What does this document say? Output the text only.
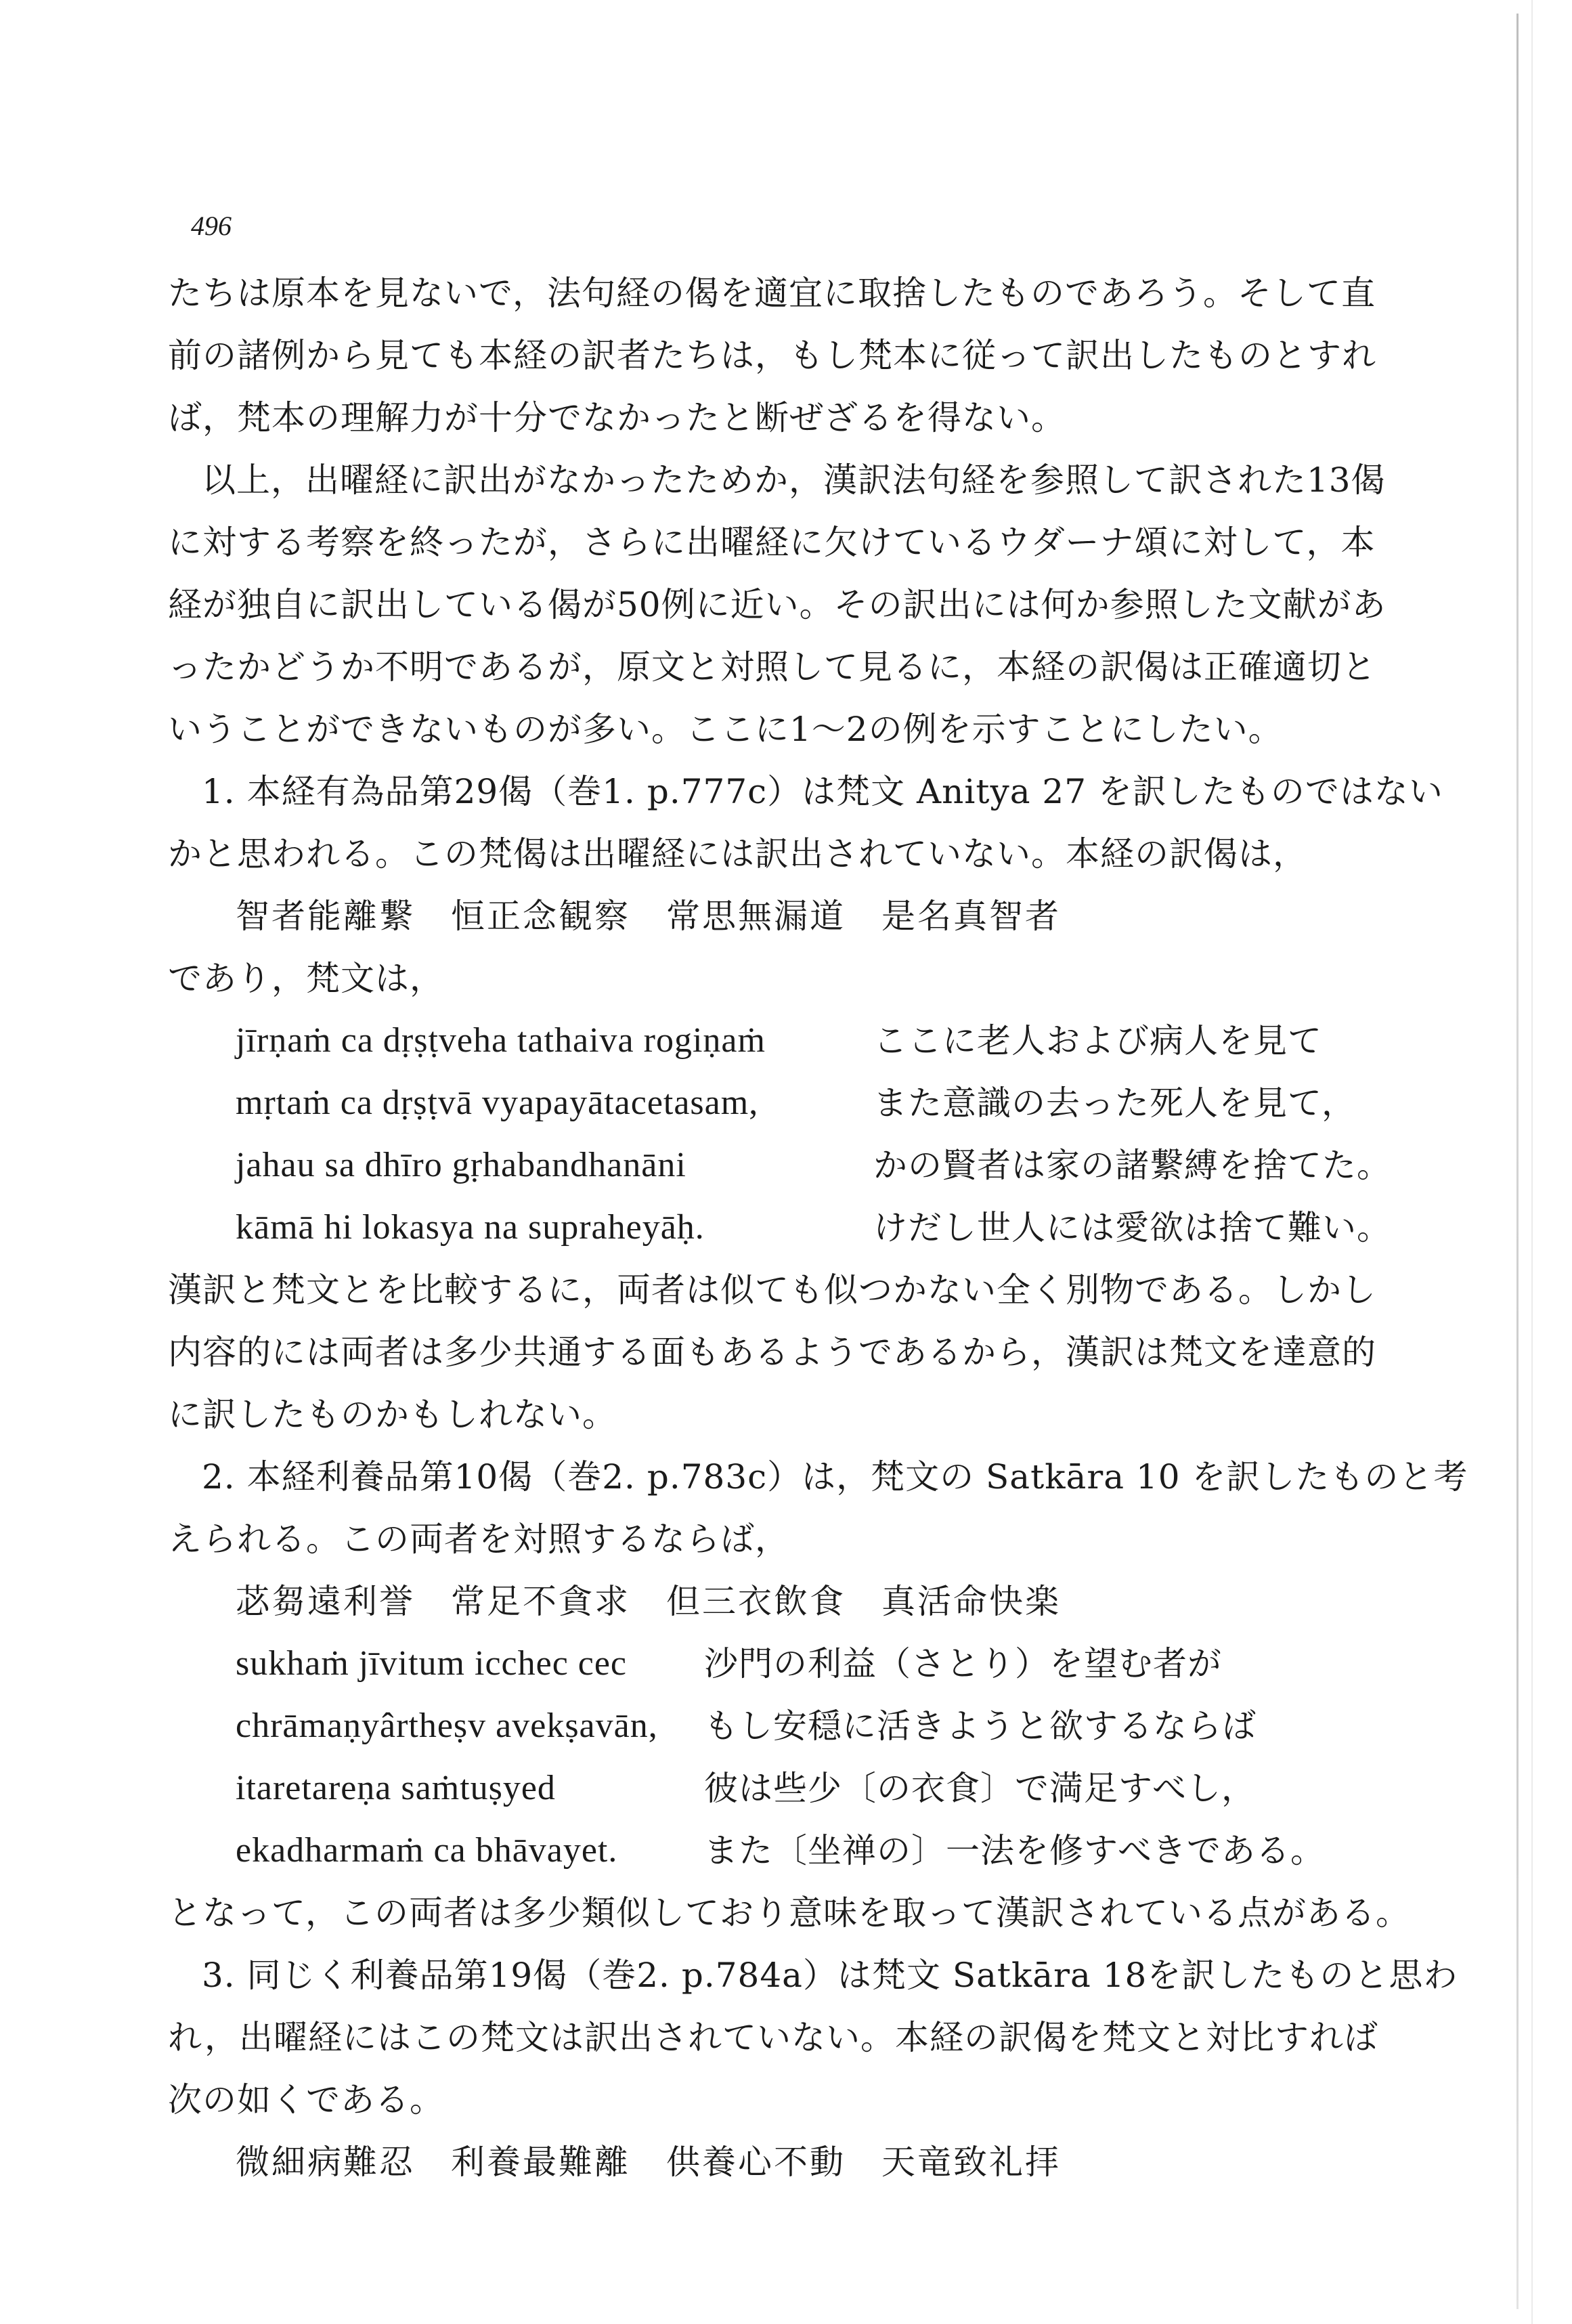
496
たちは原本を見ないで，法句経の偈を適宜に取捨したものであろう。そして直
前の諸例から見ても本経の訳者たちは，もし梵本に従って訳出したものとすれ
ば，梵本の理解力が十分でなかったと断ぜざるを得ない。
以上，出曜経に訳出がなかったためか，漢訳法句経を参照して訳された13偈
に対する考察を終ったが，さらに出曜経に欠けているウダーナ頌に対して，本
経が独自に訳出している偈が50例に近い。その訳出には何か参照した文献があ
ったかどうか不明であるが，原文と対照して見るに，本経の訳偈は正確適切と
いうことができないものが多い。ここに1〜2の例を示すことにしたい。
1. 本経有為品第29偈（巻1. p.777c）は梵文 Anitya 27 を訳したものではない
かと思われる。この梵偈は出曜経には訳出されていない。本経の訳偈は，
智者能離繋　恒正念観察　常思無漏道　是名真智者
であり，梵文は，
jīrṇaṁ ca dṛṣṭveha tathaiva rogiṇaṁ
mṛtaṁ ca dṛṣṭvā vyapayātacetasam,
jahau sa dhīro gṛhabandhanāni
kāmā hi lokasya na supraheyāḥ.
ここに老人および病人を見て
また意識の去った死人を見て，
かの賢者は家の諸繋縛を捨てた。
けだし世人には愛欲は捨て難い。
漢訳と梵文とを比較するに，両者は似ても似つかない全く別物である。しかし
内容的には両者は多少共通する面もあるようであるから，漢訳は梵文を達意的
に訳したものかもしれない。
2. 本経利養品第10偈（巻2. p.783c）は，梵文の Satkāra 10 を訳したものと考
えられる。この両者を対照するならば，
苾芻遠利誉　常足不貪求　但三衣飲食　真活命快楽
sukhaṁ jīvitum icchec cec
chrāmaṇyârtheṣv avekṣavān,
itaretareṇa saṁtuṣyed
ekadharmaṁ ca bhāvayet.
沙門の利益（さとり）を望む者が
もし安穏に活きようと欲するならば
彼は些少〔の衣食〕で満足すべし，
また〔坐禅の〕一法を修すべきである。
となって，この両者は多少類似しており意味を取って漢訳されている点がある。
3. 同じく利養品第19偈（巻2. p.784a）は梵文 Satkāra 18を訳したものと思わ
れ，出曜経にはこの梵文は訳出されていない。本経の訳偈を梵文と対比すれば
次の如くである。
微細病難忍　利養最難離　供養心不動　天竜致礼拝
